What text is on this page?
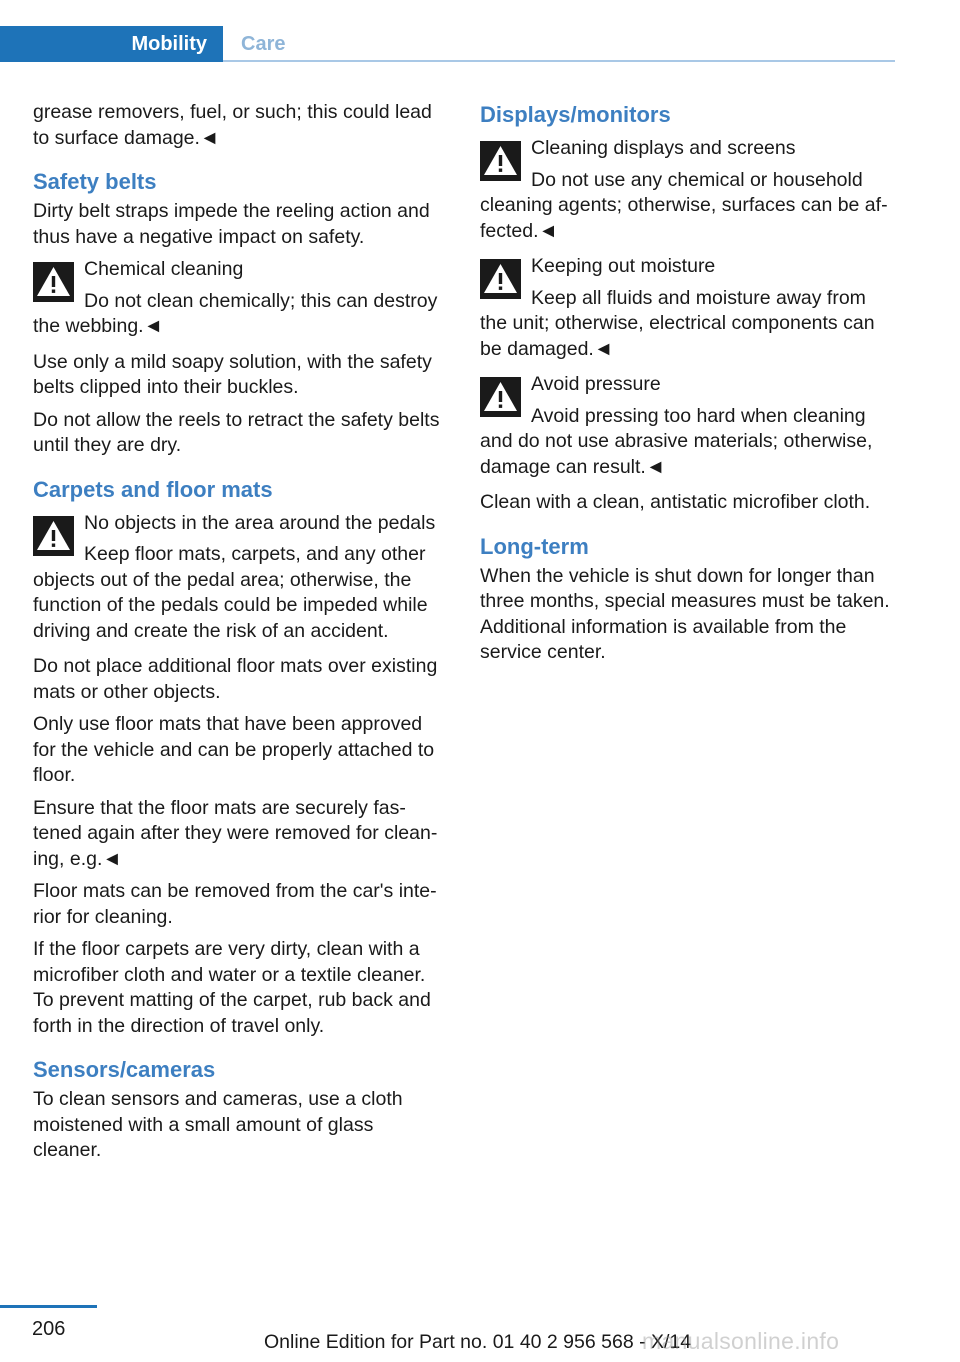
Mobility	Care

grease removers, fuel, or such; this could lead to surface damage.◄

Safety belts

Dirty belt straps impede the reeling action and thus have a negative impact on safety.

Chemical cleaning
Do not clean chemically; this can destroy the webbing.◄

Use only a mild soapy solution, with the safety belts clipped into their buckles.

Do not allow the reels to retract the safety belts until they are dry.

Carpets and floor mats
No objects in the area around the pedals
Keep floor mats, carpets, and any other objects out of the pedal area; otherwise, the function of the pedals could be impeded while driving and create the risk of an accident.

Do not place additional floor mats over existing mats or other objects.

Only use floor mats that have been approved for the vehicle and can be properly attached to floor.

Ensure that the floor mats are securely fastened again after they were removed for cleaning, e.g.◄

Floor mats can be removed from the car's interior for cleaning.

If the floor carpets are very dirty, clean with a microfiber cloth and water or a textile cleaner. To prevent matting of the carpet, rub back and forth in the direction of travel only.

Sensors/cameras

To clean sensors and cameras, use a cloth moistened with a small amount of glass cleaner.

Displays/monitors
Cleaning displays and screens
Do not use any chemical or household cleaning agents; otherwise, surfaces can be affected.◄
Keeping out moisture
Keep all fluids and moisture away from the unit; otherwise, electrical components can be damaged.◄
Avoid pressure
Avoid pressing too hard when cleaning and do not use abrasive materials; otherwise, damage can result.◄

Clean with a clean, antistatic microfiber cloth.

Long-term

When the vehicle is shut down for longer than three months, special measures must be taken. Additional information is available from the service center.

206
Online Edition for Part no. 01 40 2 956 568 - X/14
manualsonline.info
